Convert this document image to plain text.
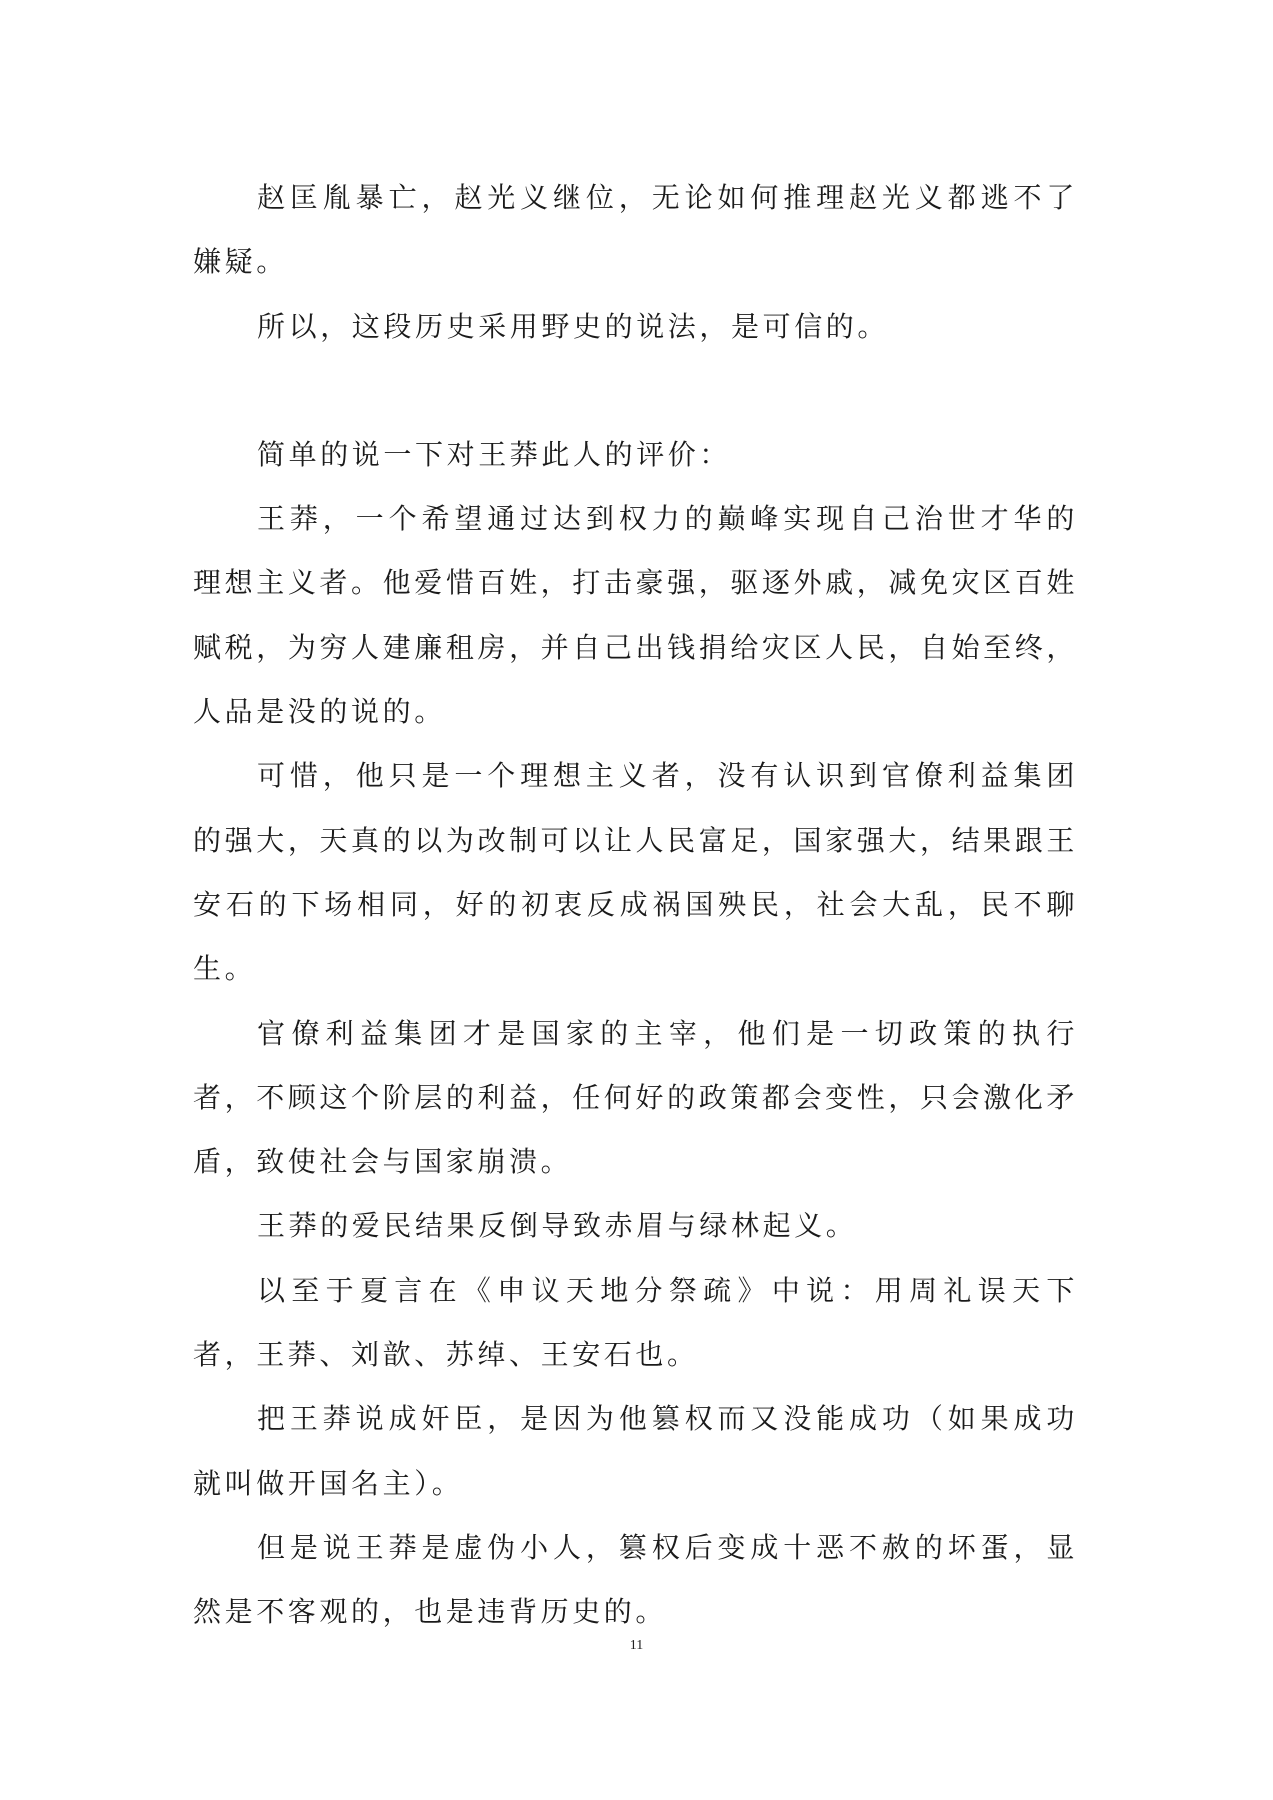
赵匡胤暴亡，赵光义继位，无论如何推理赵光义都逃不了嫌疑。

所以，这段历史采用野史的说法，是可信的。

简单的说一下对王莽此人的评价：

王莽，一个希望通过达到权力的巅峰实现自己治世才华的理想主义者。他爱惜百姓，打击豪强，驱逐外戚，减免灾区百姓赋税，为穷人建廉租房，并自己出钱捐给灾区人民，自始至终，人品是没的说的。

可惜，他只是一个理想主义者，没有认识到官僚利益集团的强大，天真的以为改制可以让人民富足，国家强大，结果跟王安石的下场相同，好的初衷反成祸国殃民，社会大乱，民不聊生。

官僚利益集团才是国家的主宰，他们是一切政策的执行者，不顾这个阶层的利益，任何好的政策都会变性，只会激化矛盾，致使社会与国家崩溃。

王莽的爱民结果反倒导致赤眉与绿林起义。

以至于夏言在《申议天地分祭疏》中说：用周礼误天下者，王莽、刘歆、苏绰、王安石也。

把王莽说成奸臣，是因为他篡权而又没能成功（如果成功就叫做开国名主）。

但是说王莽是虚伪小人，篡权后变成十恶不赦的坏蛋，显然是不客观的，也是违背历史的。

11
